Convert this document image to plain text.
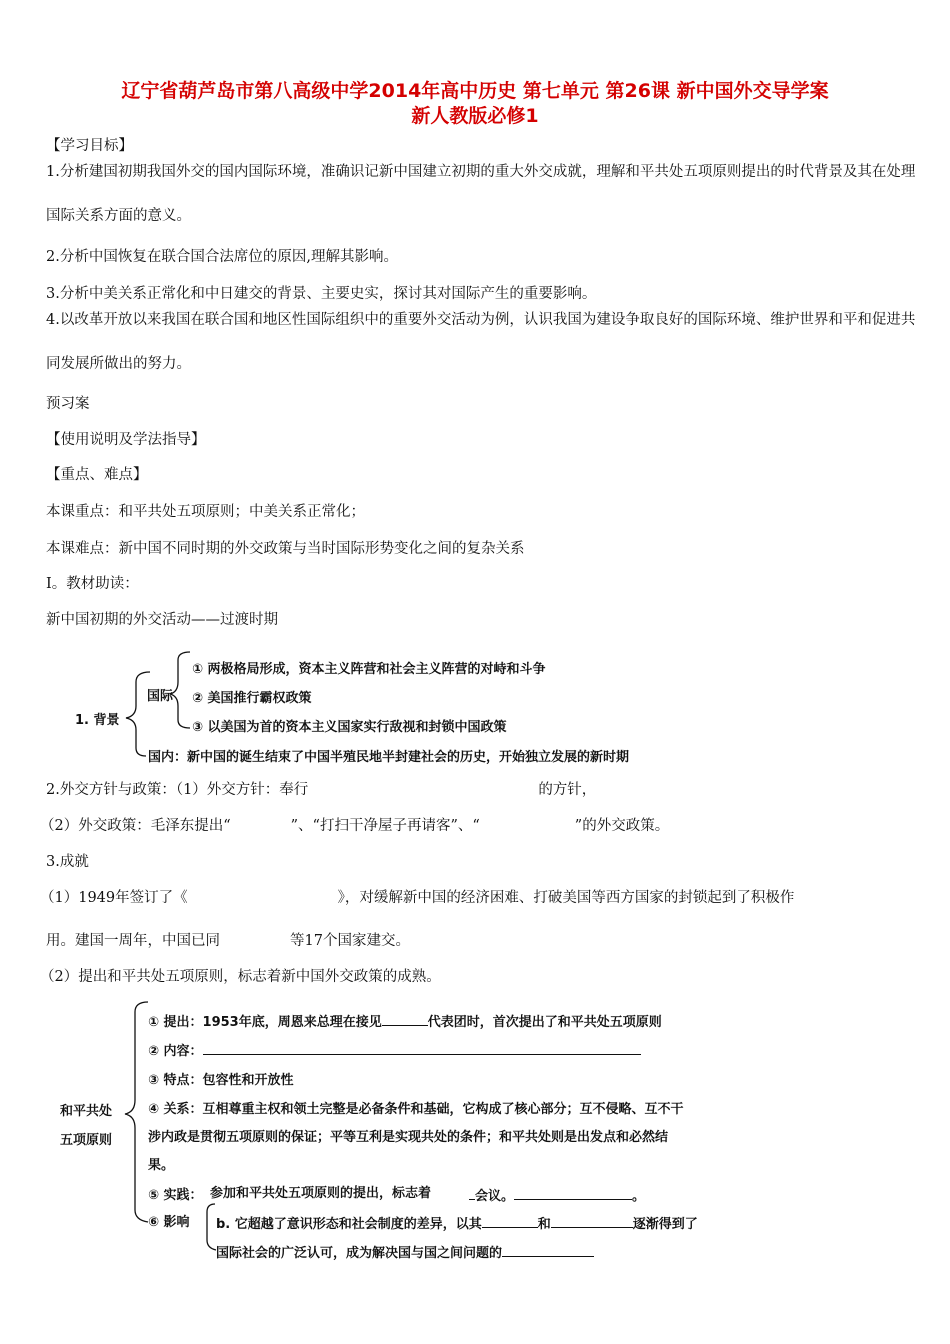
辽宁省葫芦岛市第八高级中学2014年高中历史 第七单元 第26课 新中国外交导学案
新人教版必修1
【学习目标】
1.分析建国初期我国外交的国内国际环境，准确识记新中国建立初期的重大外交成就，理解和平共处五项原则提出的时代背景及其在处理国际关系方面的意义。
2.分析中国恢复在联合国合法席位的原因,理解其影响。
3.分析中美关系正常化和中日建交的背景、主要史实，探讨其对国际产生的重要影响。
4.以改革开放以来我国在联合国和地区性国际组织中的重要外交活动为例，认识我国为建设争取良好的国际环境、维护世界和平和促进共同发展所做出的努力。
预习案
【使用说明及学法指导】
【重点、难点】
本课重点：和平共处五项原则；中美关系正常化；
本课难点：新中国不同时期的外交政策与当时国际形势变化之间的复杂关系
Ⅰ。教材助读：
新中国初期的外交活动——过渡时期
1. 背景
国际
① 两极格局形成，资本主义阵营和社会主义阵营的对峙和斗争
② 美国推行霸权政策
③ 以美国为首的资本主义国家实行敌视和封锁中国政策
国内：新中国的诞生结束了中国半殖民地半封建社会的历史，开始独立发展的新时期
2.外交方针与政策：（1）外交方针：奉行	的方针，
（2）外交政策：毛泽东提出“	”、“打扫干净屋子再请客”、“	”的外交政策。
3.成就
（1）1949年签订了《	》，对缓解新中国的经济困难、打破美国等西方国家的封锁起到了积极作
用。建国一周年，中国已同	等17个国家建交。
（2）提出和平共处五项原则，标志着新中国外交政策的成熟。
和平共处
五项原则
① 提出：1953年底，周恩来总理在接见	代表团时，首次提出了和平共处五项原则
② 内容：
③ 特点：包容性和开放性
④ 关系：互相尊重主权和领土完整是必备条件和基础，它构成了核心部分；互不侵略、互不干
涉内政是贯彻五项原则的保证；平等互利是实现共处的条件；和平共处则是出发点和必然结
果。
⑤ 实践： 参加和平共处五项原则的提出，标志着	会议。	。
⑥ 影响 b. 它超越了意识形态和社会制度的差异，以其	和	逐渐得到了
国际社会的广泛认可，成为解决国与国之间问题的
